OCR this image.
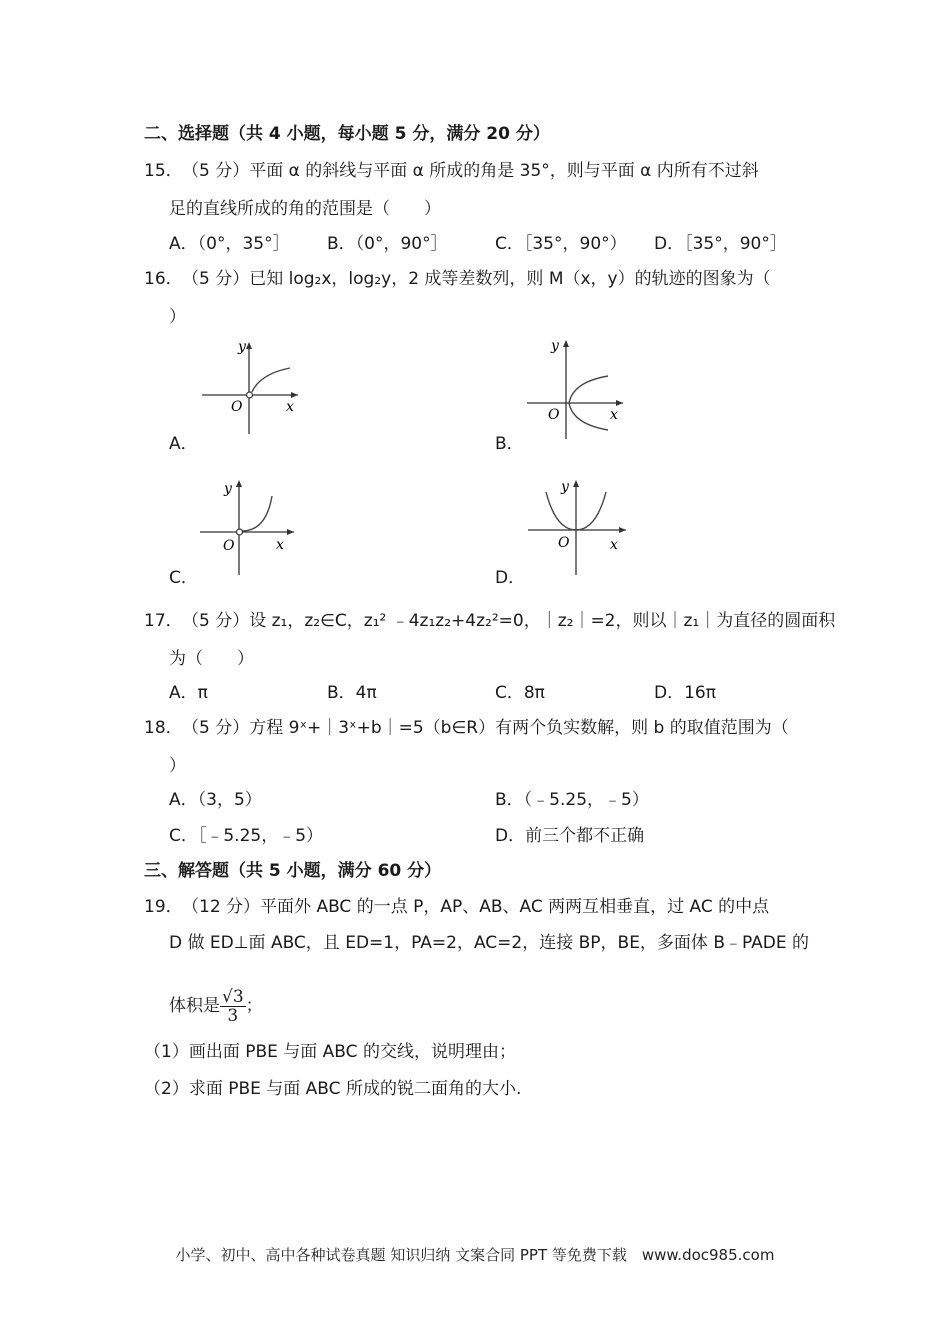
二、选择题（共 4 小题，每小题 5 分，满分 20 分）
15． （5 分）平面 α 的斜线与平面 α 所成的角是 35°，则与平面 α 内所有不过斜
足的直线所成的角的范围是（　　）
A．（0°，35°］ B．（0°，90°］	C．［35°，90°） D．［35°，90°］
16． （5 分）已知 log₂x，log₂y，2 成等差数列，则 M（x，y）的轨迹的图象为（
）
y
O	x
A．
y
O	x
B．
y
O	x
C．
y
O	x
D．
17． （5 分）设 z₁，z₂∈C，z₁² ﹣4z₁z₂+4z₂²=0，｜z₂｜=2，则以｜z₁｜为直径的圆面积
为（　　）
A．π	B．4π	C．8π	D．16π
18． （5 分）方程 9ˣ+｜3ˣ+b｜=5（b∈R）有两个负实数解，则 b 的取值范围为（
）
A．（3，5）	B．（﹣5.25，﹣5）
C．［﹣5.25，﹣5）	D．前三个都不正确
三、解答题（共 5 小题，满分 60 分）
19． （12 分）平面外 ABC 的一点 P，AP、AB、AC 两两互相垂直，过 AC 的中点
D 做 ED⊥面 ABC，且 ED=1，PA=2，AC=2，连接 BP，BE，多面体 B﹣PADE 的
体积是 $\frac{√3}{3}$ ；
（1）画出面 PBE 与面 ABC 的交线，说明理由；
（2）求面 PBE 与面 ABC 所成的锐二面角的大小.
小学、初中、高中各种试卷真题 知识归纳 文案合同 PPT 等免费下载　www.doc985.com
